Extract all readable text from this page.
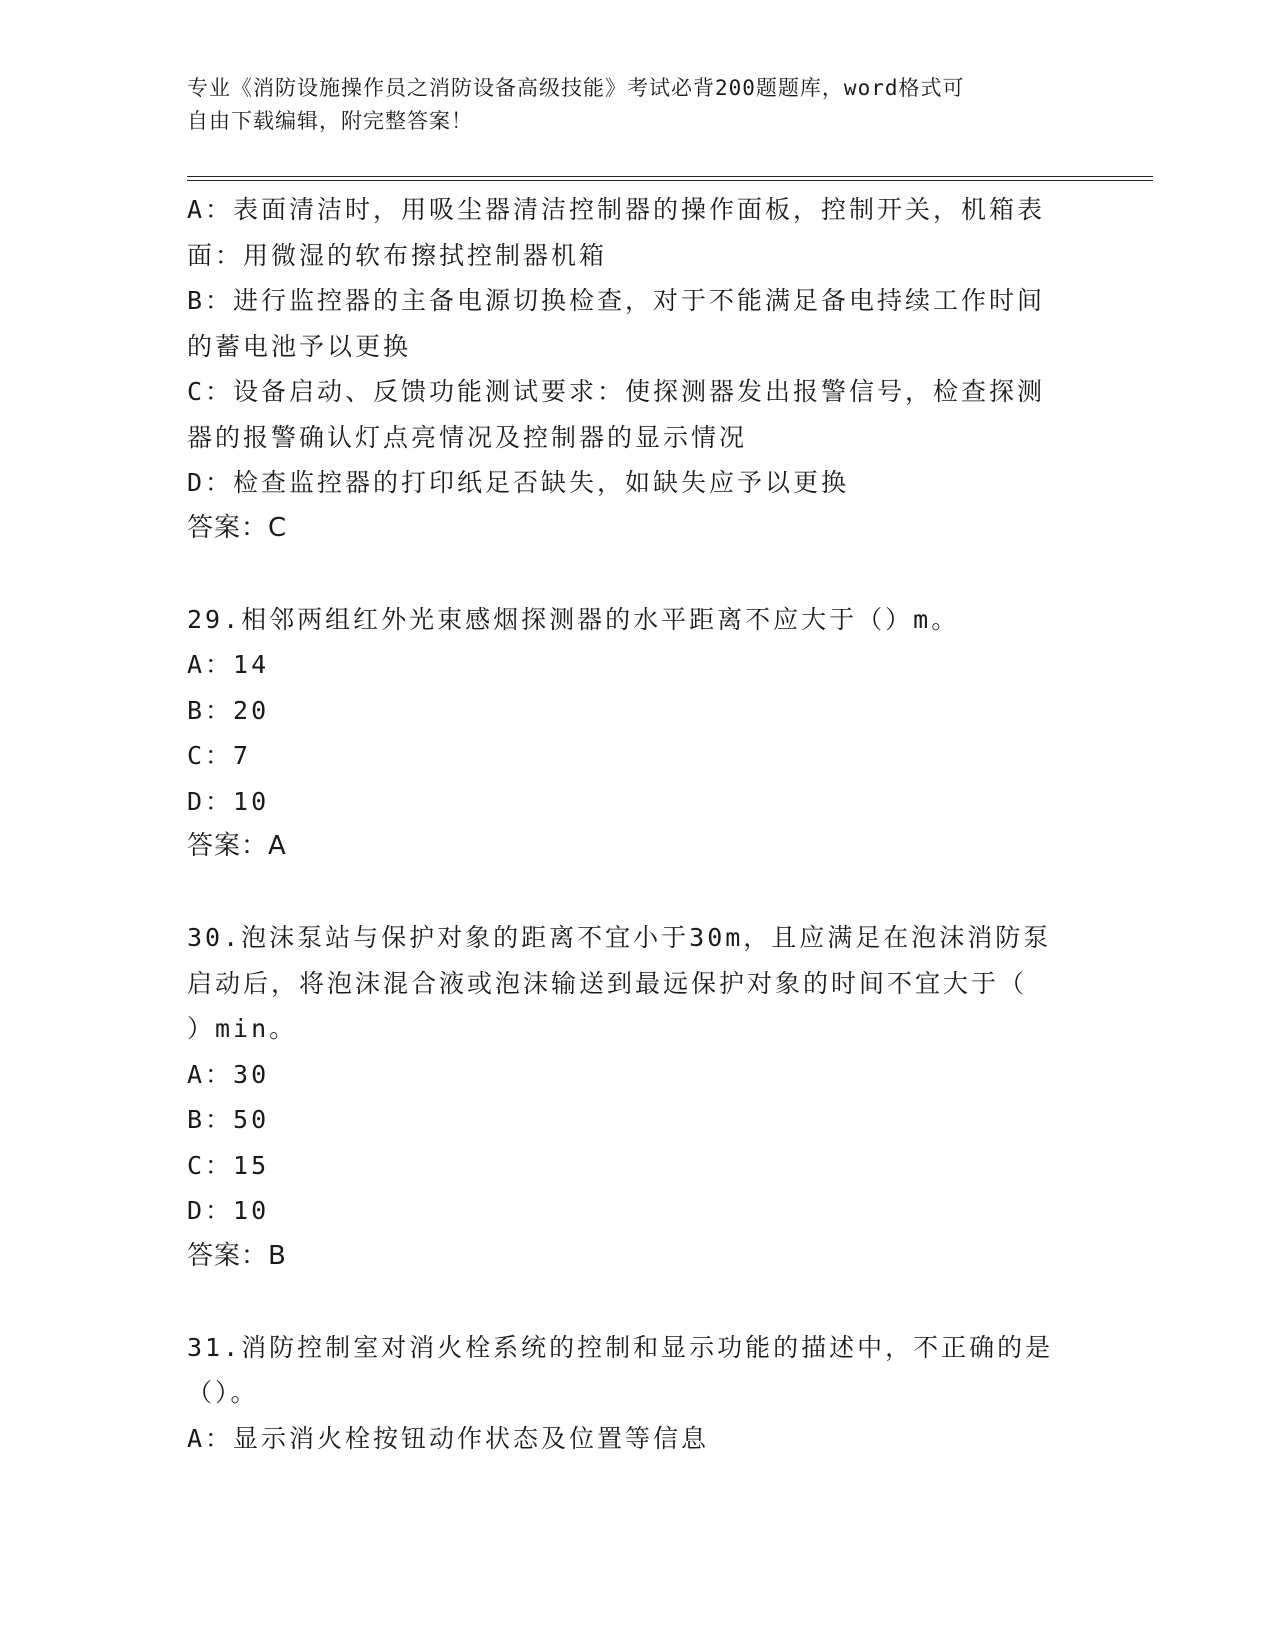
专业《消防设施操作员之消防设备高级技能》考试必背200题题库，word格式可
自由下载编辑，附完整答案！
A：表面清洁时，用吸尘器清洁控制器的操作面板，控制开关，机箱表
面：用微湿的软布擦拭控制器机箱
B：进行监控器的主备电源切换检查，对于不能满足备电持续工作时间
的蓄电池予以更换
C：设备启动、反馈功能测试要求：使探测器发出报警信号，检查探测
器的报警确认灯点亮情况及控制器的显示情况
D：检查监控器的打印纸足否缺失，如缺失应予以更换
答案：C
29.相邻两组红外光束感烟探测器的水平距离不应大于（）m。
A：14
B：20
C：7
D：10
答案：A
30.泡沫泵站与保护对象的距离不宜小于30m，且应满足在泡沫消防泵
启动后，将泡沫混合液或泡沫输送到最远保护对象的时间不宜大于（
）min。
A：30
B：50
C：15
D：10
答案：B
31.消防控制室对消火栓系统的控制和显示功能的描述中，不正确的是
（）。
A：显示消火栓按钮动作状态及位置等信息
